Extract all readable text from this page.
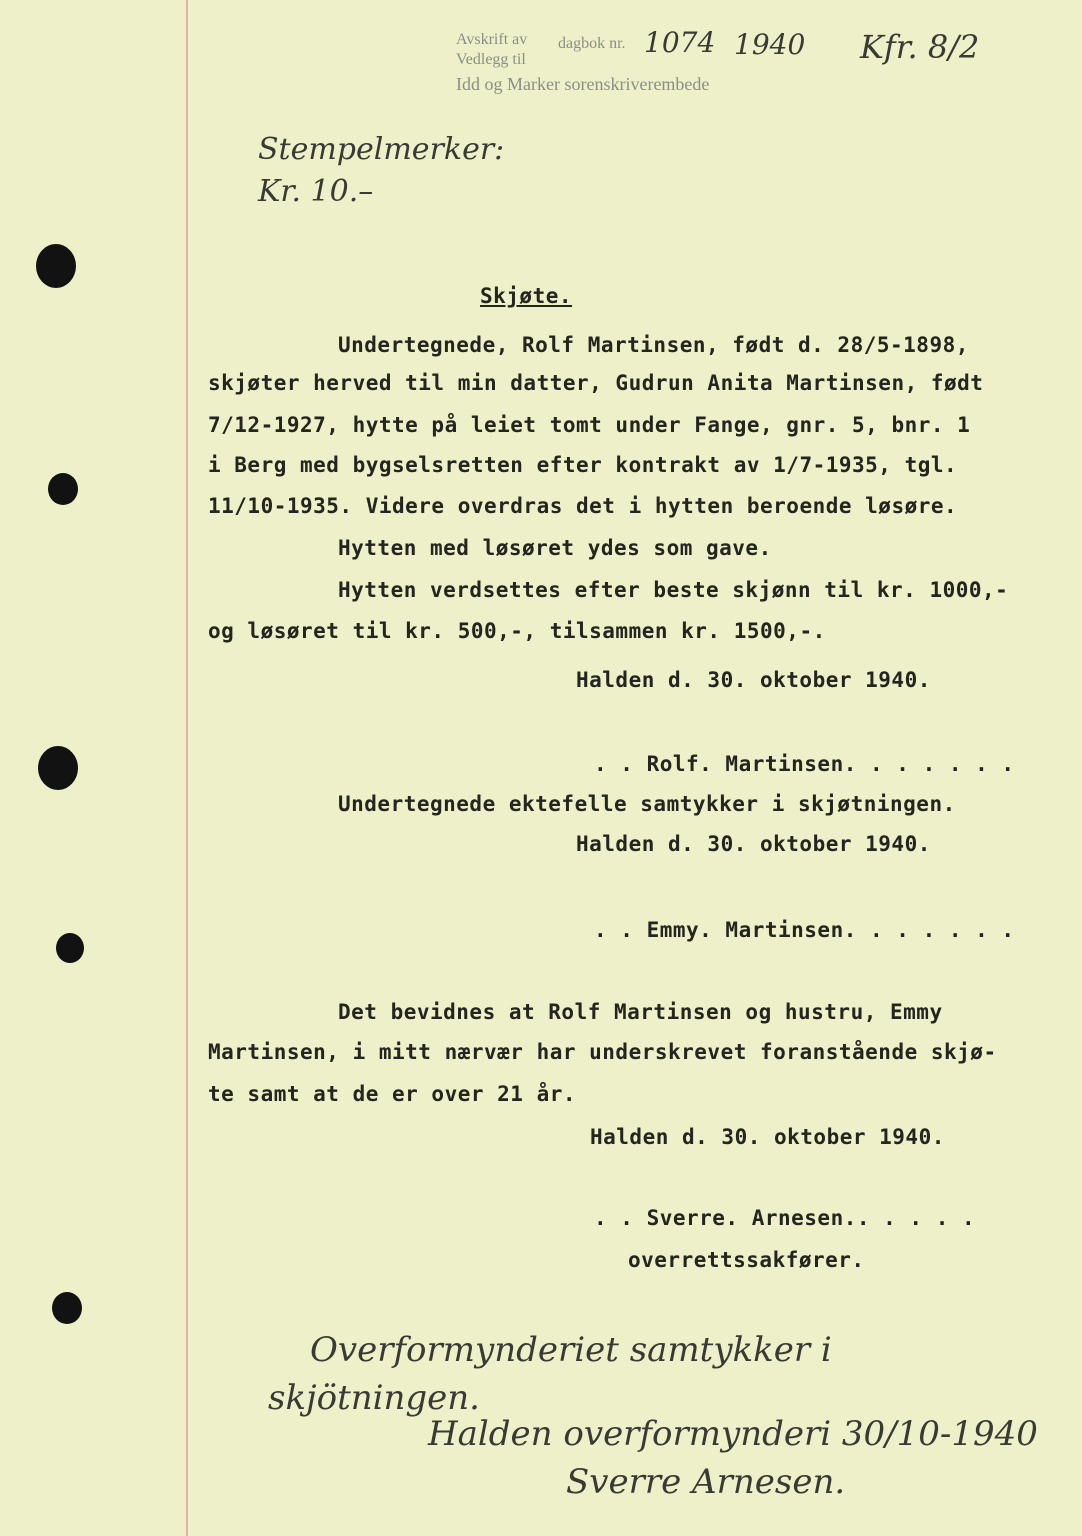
Avskrift av dagbok nr.
Vedlegg til
Idd og Marker sorenskriverembede
1074 1940 Kfr. 8/2
Stempelmerker:
Kr. 10.–
Skjøte.
Undertegnede, Rolf Martinsen, født d. 28/5-1898,
skjøter herved til min datter, Gudrun Anita Martinsen, født
7/12-1927, hytte på leiet tomt under Fange, gnr. 5, bnr. 1
i Berg med bygselsretten efter kontrakt av 1/7-1935, tgl.
11/10-1935. Videre overdras det i hytten beroende løsøre.
Hytten med løsøret ydes som gave.
Hytten verdsettes efter beste skjønn til kr. 1000,-
og løsøret til kr. 500,-, tilsammen kr. 1500,-.
Halden d. 30. oktober 1940.
. . Rolf. Martinsen. . . . . . .
Undertegnede ektefelle samtykker i skjøtningen.
Halden d. 30. oktober 1940.
. . Emmy. Martinsen. . . . . . .
Det bevidnes at Rolf Martinsen og hustru, Emmy
Martinsen, i mitt nærvær har underskrevet foranstående skjø-
te samt at de er over 21 år.
Halden d. 30. oktober 1940.
. . Sverre. Arnesen.. . . . .
overrettssakfører.
Overformynderiet samtykker i
skjötningen.
Halden overformynderi 30/10-1940
Sverre Arnesen.
